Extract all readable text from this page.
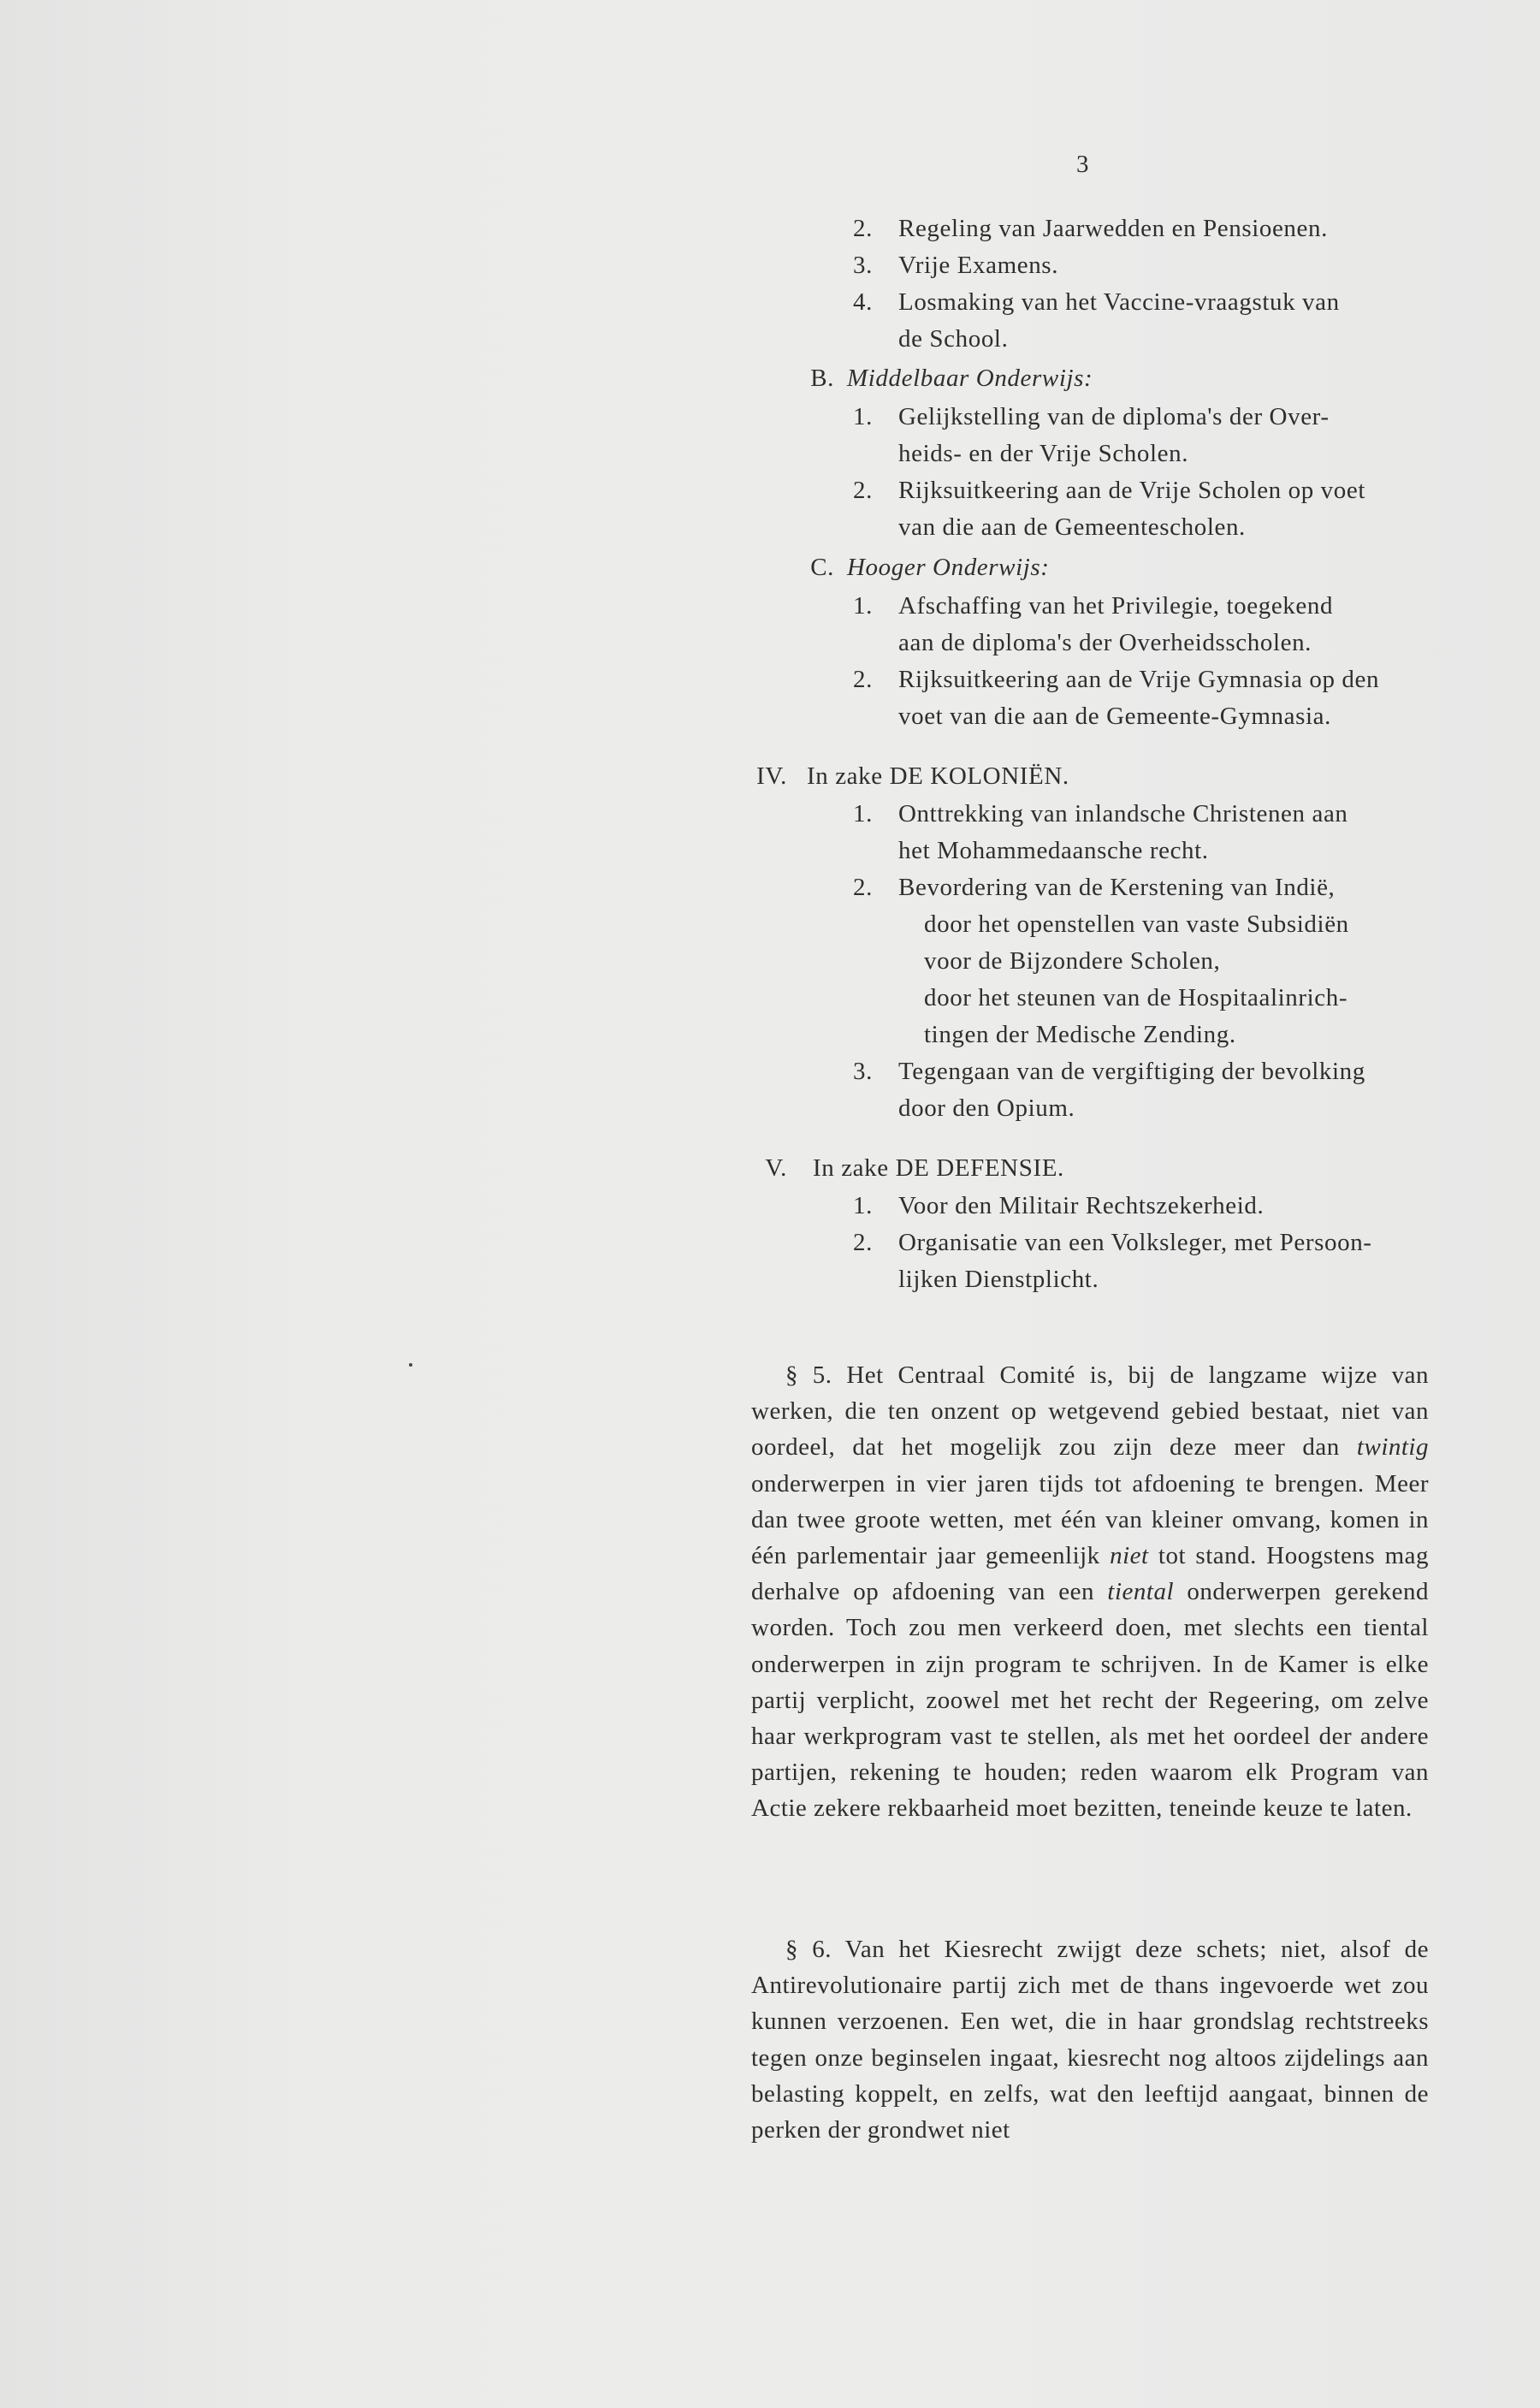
3
2. Regeling van Jaarwedden en Pensioenen.
3. Vrije Examens.
4. Losmaking van het Vaccine-vraagstuk van
de School.
B. Middelbaar Onderwijs:
1. Gelijkstelling van de diploma's der Over-
heids- en der Vrije Scholen.
2. Rijksuitkeering aan de Vrije Scholen op voet
van die aan de Gemeentescholen.
C. Hooger Onderwijs:
1. Afschaffing van het Privilegie, toegekend
aan de diploma's der Overheidsscholen.
2. Rijksuitkeering aan de Vrije Gymnasia op den
voet van die aan de Gemeente-Gymnasia.
IV. In zake DE KOLONIËN.
1. Onttrekking van inlandsche Christenen aan
het Mohammedaansche recht.
2. Bevordering van de Kerstening van Indië,
door het openstellen van vaste Subsidiën
voor de Bijzondere Scholen,
door het steunen van de Hospitaalinrich-
tingen der Medische Zending.
3. Tegengaan van de vergiftiging der bevolking
door den Opium.
V. In zake DE DEFENSIE.
1. Voor den Militair Rechtszekerheid.
2. Organisatie van een Volksleger, met Persoon-
lijken Dienstplicht.
§ 5. Het Centraal Comité is, bij de langzame wijze van werken, die ten onzent op wetgevend gebied bestaat, niet van oordeel, dat het mogelijk zou zijn deze meer dan twintig onderwerpen in vier jaren tijds tot afdoening te brengen. Meer dan twee groote wetten, met één van kleiner omvang, komen in één parlementair jaar gemeenlijk niet tot stand. Hoogstens mag derhalve op afdoening van een tiental onderwerpen gerekend worden. Toch zou men verkeerd doen, met slechts een tiental onderwerpen in zijn program te schrijven. In de Kamer is elke partij verplicht, zoowel met het recht der Regeering, om zelve haar werkprogram vast te stellen, als met het oordeel der andere partijen, rekening te houden; reden waarom elk Program van Actie zekere rekbaarheid moet bezitten, teneinde keuze te laten.
§ 6. Van het Kiesrecht zwijgt deze schets; niet, alsof de Antirevolutionaire partij zich met de thans ingevoerde wet zou kunnen verzoenen. Een wet, die in haar grondslag rechtstreeks tegen onze beginselen ingaat, kiesrecht nog altoos zijdelings aan belasting koppelt, en zelfs, wat den leeftijd aangaat, binnen de perken der grondwet niet
